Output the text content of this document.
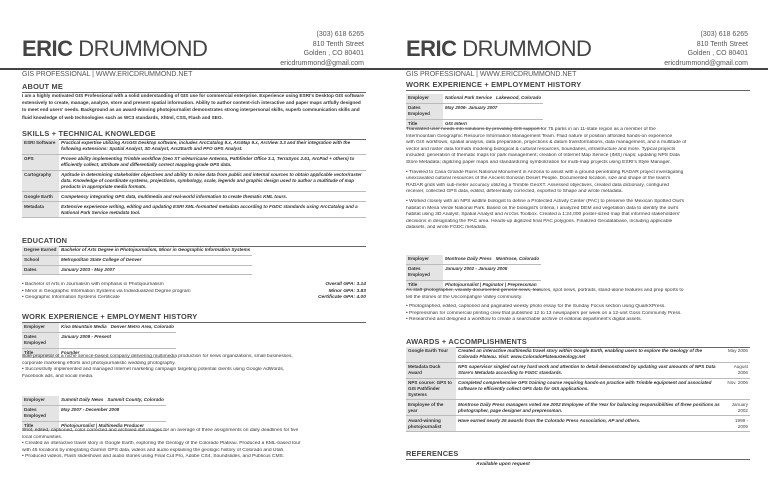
ERIC DRUMMOND
(303) 618 6265
810 Tenth Street
Golden , CO 80401
ericdrummond@gmail.com
GIS PROFESSIONAL | WWW.ERICDRUMMOND.NET
ABOUT ME
I am a highly motivated GIS Professional with a solid understanding of GIS use for commercial enterprise. Experience using ESRI's Desktop GIS software extensively to create, manage, analyze, store and present spatial information. Ability to author content-rich interactive and paper maps artfully designed to meet end users' needs. Background as an award-winning photojournalist demonstrates strong interpersonal skills, superb communication skills and fluid knowledge of web technologies such as WC3 standards, Xhtml, CSS, Flash and SEO.
SKILLS + TECHNICAL KNOWLEDGE
ESRI Software	Practical expertise utilizing ArcGIS Desktop software, includes ArcCatalog 9.x, ArcMap 9.x, ArcView 3.3 and their integration with the following extensions: Spatial Analyst, 3D Analyst, Arc2Earth and PFO GPS Analyst.
GPS	Proven ability implementing Trimble workflow (Geo XT w/Hurricane Antenna, Pathfinder Office 3.1, TerraSync 2.61, ArcPad + others) to efficiently collect, attribute and differentially correct mapping-grade GPS data.
Cartography	Aptitude in determining stakeholder objectives and ability to mine data from public and internal sources to obtain applicable vector/raster data. Knowledge of coordinate systems, projections, symbology, scale, legends and graphic design used to author a multitude of map products in appropriate media formats.
Google Earth	Competency integrating GPS data, multimedia and real-world information to create thematic KML tours.
Metadata	Extensive experience writing, editing and updating ESRI XML-formatted metadata according to FGDC standards using ArcCatalog and a National Park Service metadata tool.
EDUCATION
Degree Earned	Bachelor of Arts Degree in Photojournalism, Minor in Geographic Information Systems
School	Metropolitan State College of Denver
Dates	January 2003 - May 2007
• Bachelor of Arts in Journalism with emphasis in Photojournalism
• Minor in Geographic Information Systems via Individualized Degree program
• Geographic Information Systems Certificate
Overall GPA: 3.14
Minor GPA: 3.83
Certificate GPA: 4.00
WORK EXPERIENCE + EMPLOYMENT HISTORY
Employer	Kiva Mountain Media	Denver Metro Area, Colorado
Dates Employed	January 2009 - Present	
Title	Founder	
Sole proprietor of a niche service-based company delivering multimedia production for news organizations, small businesses,
corporate marketing efforts and photojournalistic wedding photography.
• Successfully implemented and managed Internet marketing campaign targeting potential clients using Google AdWords,
Facebook ads, and social media.
Employer	Summit Daily News	Summit County, Colorado
Dates Employed	May 2007 - December 2008	
Title	Photojournalist | Multimedia Producer	
Shot, edited, captioned, color corrected and archived still images for an average of three assignments on daily deadlines for five
local communities.
• Created an interactive travel story in Google Earth, exploring the Geology of the Colorado Plateau. Produced a KML-based tour
with 45 locations by integrating Garmin GPS data, videos and audio explaining the geologic history of Colorado and Utah.
• Produced videos, Flash slideshows and audio stories using Final Cut Pro, Adobe CS4, Soundslides, and Publicus CMS.
ERIC DRUMMOND
(303) 618 6265
810 Tenth Street
Golden , CO 80401
ericdrummond@gmail.com
GIS PROFESSIONAL | WWW.ERICDRUMMOND.NET
WORK EXPERIENCE + EMPLOYMENT HISTORY
Employer	National Park Service	Lakewood, Colorado
Dates Employed	May 2006- January 2007	
Title	GIS Intern	
Translated user needs into solutions by providing GIS support for 75 parks in an 11-state region as a member of the
Intermountain Geographic Resource Information Management Team. Fluid nature of position afforded hands-on experience
with GIS workflows, spatial analysis, data preparation, projections & datum transformations, data management, and a multitude of
vector and raster data formats modeling biological & cultural resources, boundaries, infrastructure and more. Typical projects
included: generation of thematic maps for park management; creation of Internet Map Service (IMS) maps; updating NPS Data
Store Metadata; digitizing paper maps and standardizing symbolization for multi-map projects using ESRI's Style Manager.
• Traveled to Casa Grande Ruins National Monument in Arizona to assist with a ground-penetrating RADAR project investigating
unexcavated cultural resources of the Ancient Sonoran Desert People. Documented location, size and shape of the team's
RADAR grids with sub-meter accuracy utilizing a Trimble GeoXT. Assessed objectives, created data dictionary, configured
receiver, collected GPS data, edited, differentially corrected, exported to Shape and wrote metadata.
• Worked closely with an NPS wildlife biologist to define a Protected Activity Center (PAC) to preserve the Mexican Spotted Owl's
habitat in Mesa Verde National Park. Based on the biologist's criteria, I analyzed DEM and vegetation data to identify the owl's
habitat using 3D Analyst, Spatial Analyst and ArcGis Toolbox. Created a 1:24,000 poster-sized map that informed stakeholders'
decisions in designating the PAC area. Heads-up digitized final PAC polygons. Finalized Geodatabase, including applicable
datasets, and wrote FGDC metadata.
Employer	Montrose Daily Press	Montrose, Colorado
Dates Employed	January 2002 - January 2005	
Title	Photojournalist | Paginator | Prepressman	
As staff photographer, visually documented general news, features, spot news, portraits, stand-alone features and prep sports to
tell the stories of the Uncompahgre Valley community.
• Photographed, edited, captioned and paginated weekly photo essay for the Sunday Focus section using QuarkXPress.
• Prepressman for commercial printing crew that published 12 to 13 newspapers per week on a 12-unit Goss Community Press.
• Researched and designed a workflow to create a searchable archive of editorial department's digital assets.
AWARDS + ACCOMPLISHMENTS
Google Earth Tour	Created an interactive multimedia travel story within Google Earth, enabling users to explore the Geology of the Colorado Plateau. Visit: www.ColoradoPlateauGeology.net	May 2006
Metadata Duck Award	NPS supervisor singled out my hard work and attention to detail demonstrated by updating vast amounts of NPS Data Store's Metadata according to FGDC standards.	August 2006
NPS course: GPS to GIS Pathfinder Systems	Completed comprehensive GPS training course requiring hands-on practice with Trimble equipment and associated software to efficiently collect GPS data for GIS applications.	Nov. 2006
Employee of the year	Montrose Daily Press managers voted me 2002 Employee of the Year for balancing responsibilities of three positions as photographer, page designer and prepressman.	January 2002
Award-winning photojournalist	Have earned nearly 25 awards from the Colorado Press Association, AP and others.	1999 - 2009
REFERENCES
Available upon request
